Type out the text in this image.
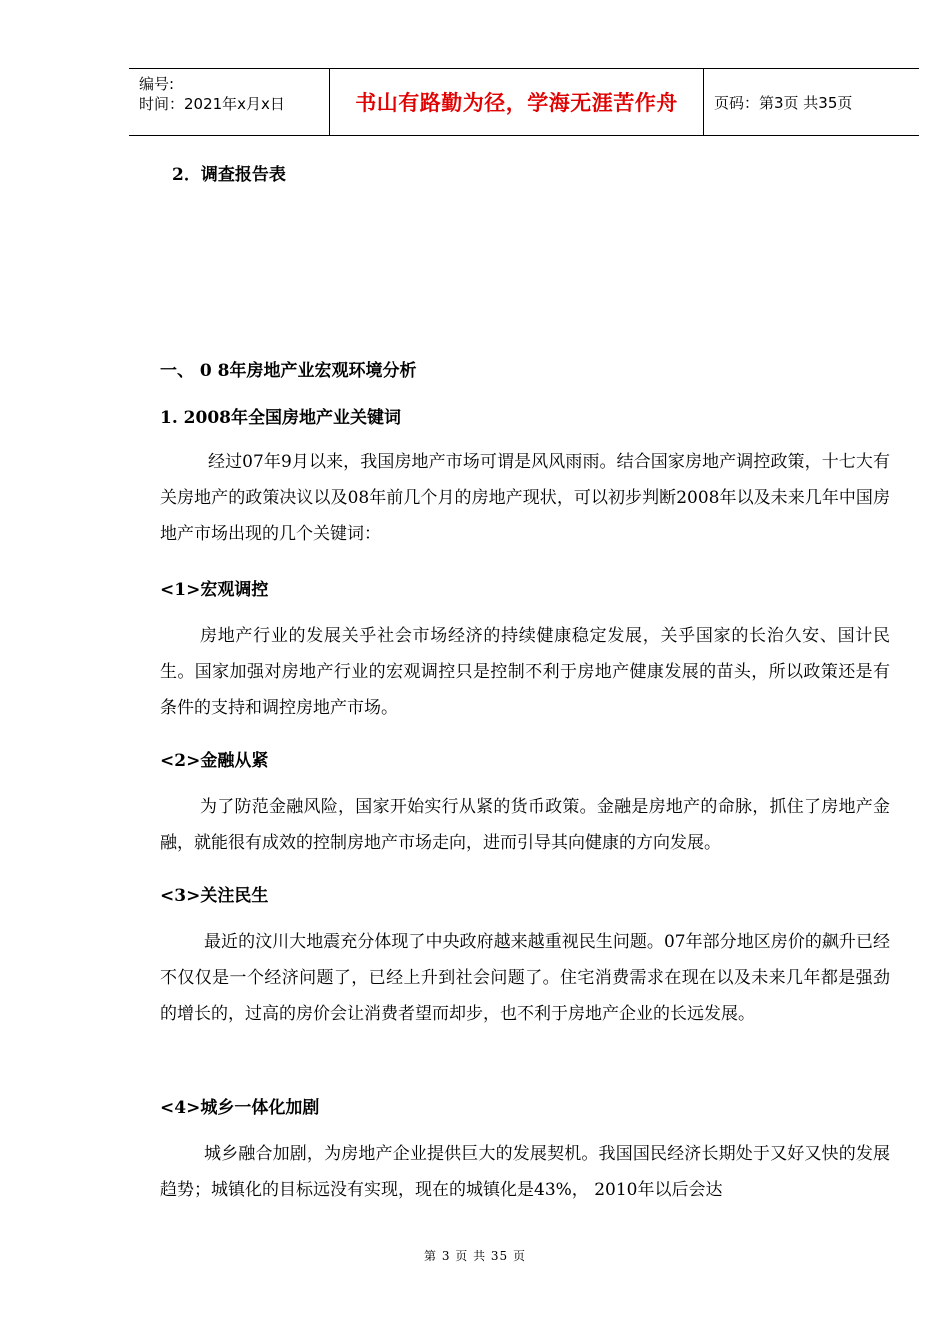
编号:
时间：2021年x月x日	书山有路勤为径，学海无涯苦作舟 页码：第3页 共35页
2．调查报告表
一、 0 8年房地产业宏观环境分析
1. 2008年全国房地产业关键词
经过07年9月以来，我国房地产市场可谓是风风雨雨。结合国家房地产调控政策，十七大有关房地产的政策决议以及08年前几个月的房地产现状，可以初步判断2008年以及未来几年中国房地产市场出现的几个关键词：
<1>宏观调控
房地产行业的发展关乎社会市场经济的持续健康稳定发展，关乎国家的长治久安、国计民生。国家加强对房地产行业的宏观调控只是控制不利于房地产健康发展的苗头，所以政策还是有条件的支持和调控房地产市场。
<2>金融从紧
为了防范金融风险，国家开始实行从紧的货币政策。金融是房地产的命脉，抓住了房地产金融，就能很有成效的控制房地产市场走向，进而引导其向健康的方向发展。
<3>关注民生
最近的汶川大地震充分体现了中央政府越来越重视民生问题。07年部分地区房价的飙升已经不仅仅是一个经济问题了，已经上升到社会问题了。住宅消费需求在现在以及未来几年都是强劲的增长的，过高的房价会让消费者望而却步，也不利于房地产企业的长远发展。
<4>城乡一体化加剧
城乡融合加剧，为房地产企业提供巨大的发展契机。我国国民经济长期处于又好又快的发展趋势；城镇化的目标远没有实现，现在的城镇化是43%， 2010年以后会达
第 3 页 共 35 页
